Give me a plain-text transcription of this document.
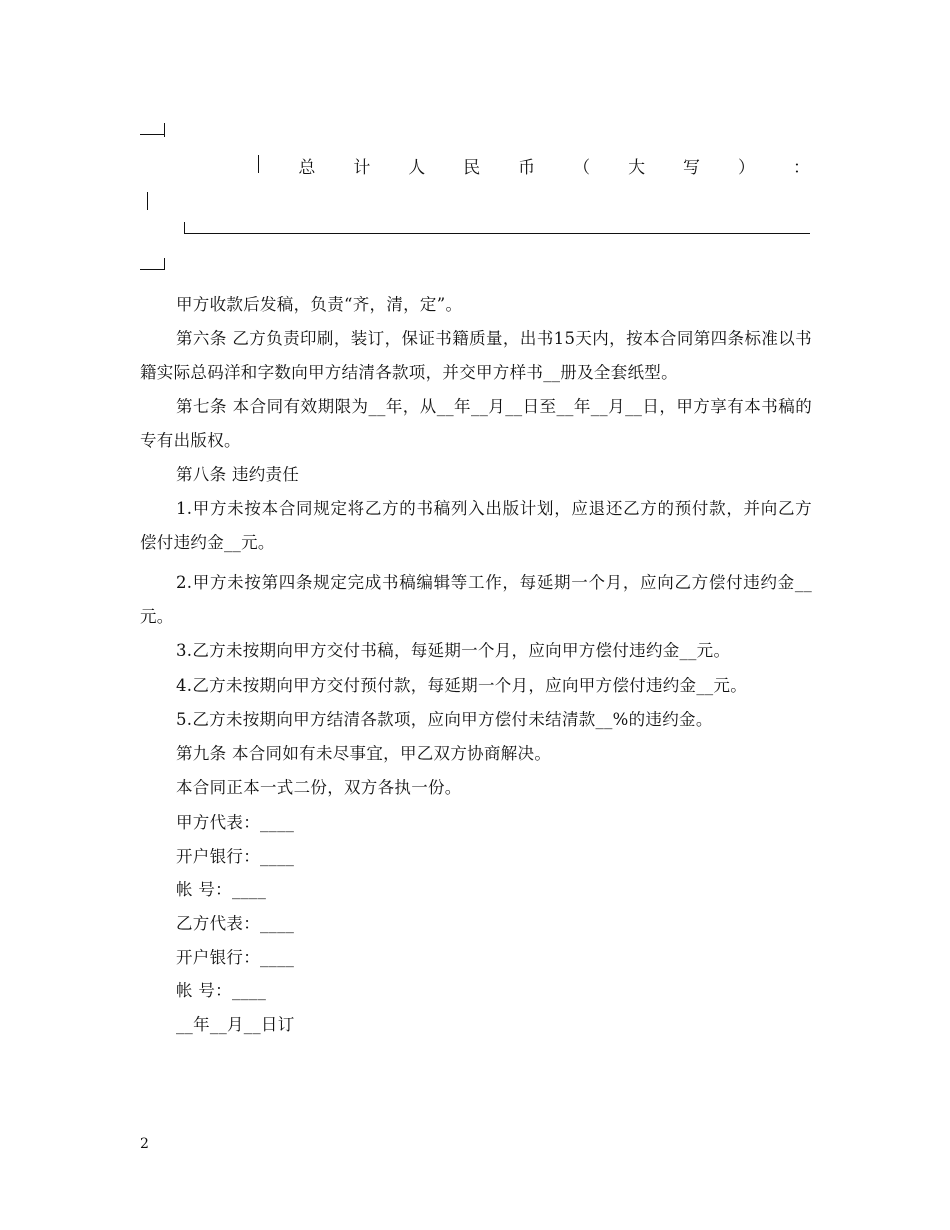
总 计 人 民 币 （ 大 写 ） ：
甲方收款后发稿，负责“齐，清，定”。
第六条 乙方负责印刷，装订，保证书籍质量，出书15天内，按本合同第四条标准以书籍实际总码洋和字数向甲方结清各款项，并交甲方样书__册及全套纸型。
第七条 本合同有效期限为__年，从__年__月__日至__年__月__日，甲方享有本书稿的专有出版权。
第八条 违约责任
1.甲方未按本合同规定将乙方的书稿列入出版计划，应退还乙方的预付款，并向乙方偿付违约金__元。
2.甲方未按第四条规定完成书稿编辑等工作，每延期一个月，应向乙方偿付违约金__元。
3.乙方未按期向甲方交付书稿，每延期一个月，应向甲方偿付违约金__元。
4.乙方未按期向甲方交付预付款，每延期一个月，应向甲方偿付违约金__元。
5.乙方未按期向甲方结清各款项，应向甲方偿付未结清款__%的违约金。
第九条 本合同如有未尽事宜，甲乙双方协商解决。
本合同正本一式二份，双方各执一份。
甲方代表：____
开户银行：____
帐 号：____
乙方代表：____
开户银行：____
帐 号：____
__年__月__日订
2
